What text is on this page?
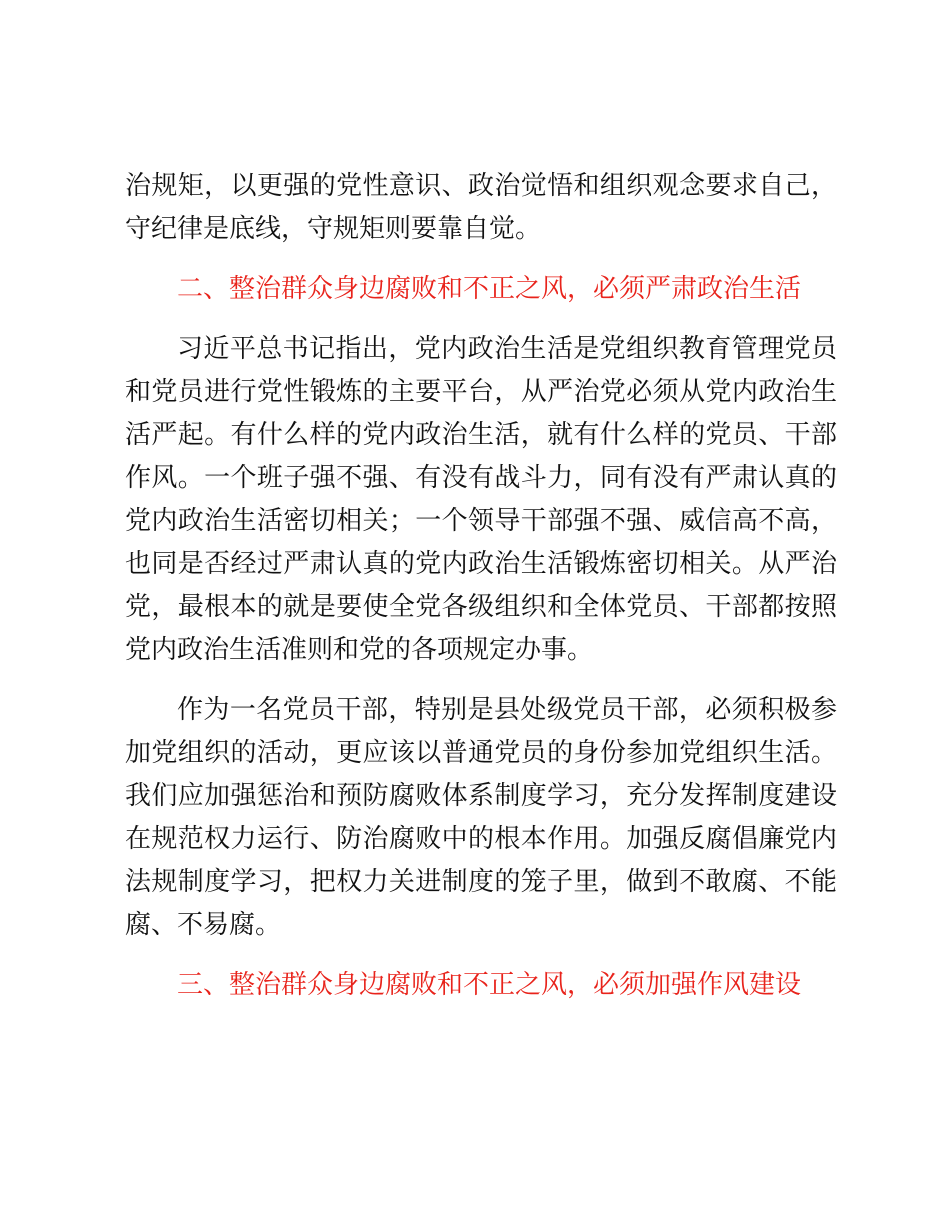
治规矩，以更强的党性意识、政治觉悟和组织观念要求自己，守纪律是底线，守规矩则要靠自觉。

二、整治群众身边腐败和不正之风，必须严肃政治生活

习近平总书记指出，党内政治生活是党组织教育管理党员和党员进行党性锻炼的主要平台，从严治党必须从党内政治生活严起。有什么样的党内政治生活，就有什么样的党员、干部作风。一个班子强不强、有没有战斗力，同有没有严肃认真的党内政治生活密切相关；一个领导干部强不强、威信高不高，也同是否经过严肃认真的党内政治生活锻炼密切相关。从严治党，最根本的就是要使全党各级组织和全体党员、干部都按照党内政治生活准则和党的各项规定办事。

作为一名党员干部，特别是县处级党员干部，必须积极参加党组织的活动，更应该以普通党员的身份参加党组织生活。我们应加强惩治和预防腐败体系制度学习，充分发挥制度建设在规范权力运行、防治腐败中的根本作用。加强反腐倡廉党内法规制度学习，把权力关进制度的笼子里，做到不敢腐、不能腐、不易腐。

三、整治群众身边腐败和不正之风，必须加强作风建设
